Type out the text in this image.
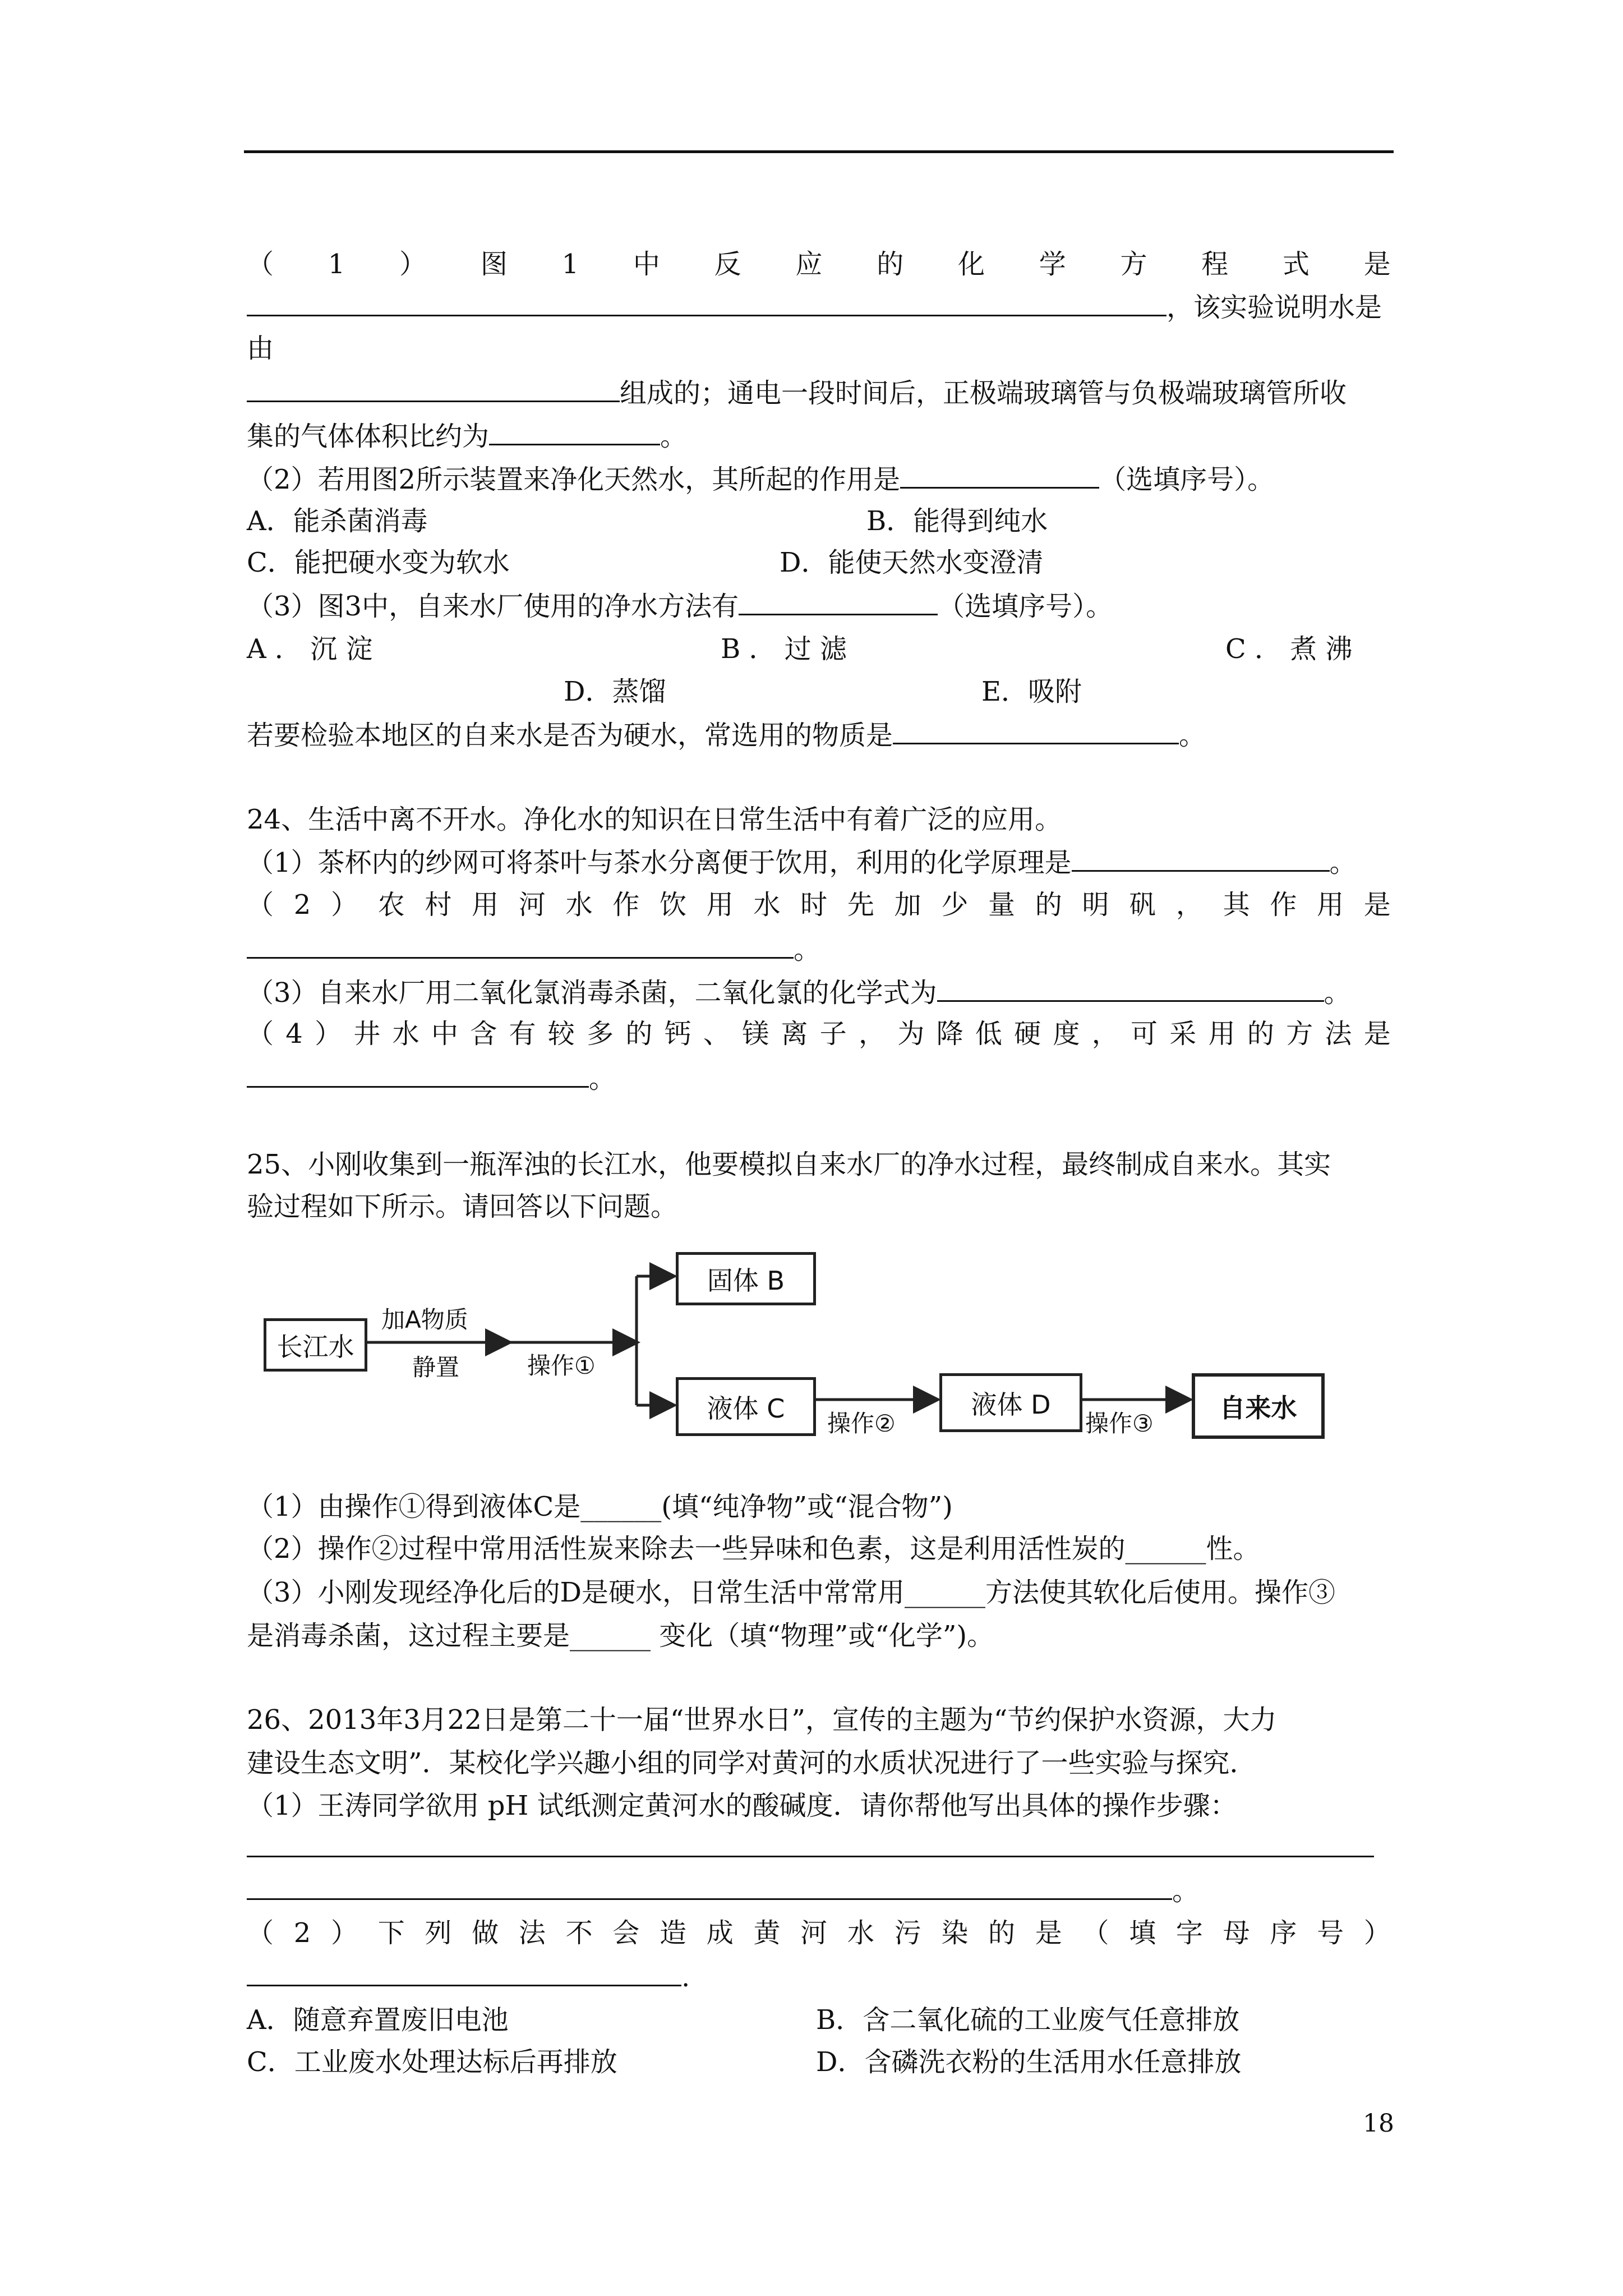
（ 1 ） 图 1 中 反 应 的 化 学 方 程 式 是
，该实验说明水是
由
组成的；通电一段时间后，正极端玻璃管与负极端玻璃管所收
集的气体体积比约为	。
（2）若用图2所示装置来净化天然水，其所起的作用是	（选填序号）。
A．能杀菌消毒	B．能得到纯水
C．能把硬水变为软水	D．能使天然水变澄清
（3）图3中，自来水厂使用的净水方法有	（选填序号）。
A ． 沉 淀	B ． 过 滤	C ． 煮 沸
D．蒸馏	E．吸附
若要检验本地区的自来水是否为硬水，常选用的物质是	。
24、生活中离不开水。净化水的知识在日常生活中有着广泛的应用。
（1）茶杯内的纱网可将茶叶与茶水分离便于饮用，利用的化学原理是	。
（ 2 ） 农 村 用 河 水 作 饮 用 水 时 先 加 少 量 的 明 矾 ， 其 作 用 是
。
（3）自来水厂用二氧化氯消毒杀菌，二氧化氯的化学式为	。
（ 4 ） 井 水 中 含 有 较 多 的 钙 、 镁 离 子 ， 为 降 低 硬 度 ， 可 采 用 的 方 法 是
。
25、小刚收集到一瓶浑浊的长江水，他要模拟自来水厂的净水过程，最终制成自来水。其实
验过程如下所示。请回答以下问题。
长江水
加A物质
静置	操作①
固体 B
液体 C	操作②
液体 D
操作③
自来水
（1）由操作①得到液体C是______(填“纯净物”或“混合物”)
（2）操作②过程中常用活性炭来除去一些异味和色素，这是利用活性炭的______性。
（3）小刚发现经净化后的D是硬水，日常生活中常常用______方法使其软化后使用。操作③
是消毒杀菌，这过程主要是______ 变化（填“物理”或“化学”)。
26、2013年3月22日是第二十一届“世界水日”，宣传的主题为“节约保护水资源，大力
建设生态文明”．某校化学兴趣小组的同学对黄河的水质状况进行了一些实验与探究．
（1）王涛同学欲用 pH 试纸测定黄河水的酸碱度．请你帮他写出具体的操作步骤：
。
（ 2 ） 下 列 做 法 不 会 造 成 黄 河 水 污 染 的 是 （ 填 字 母 序 号 ）
.
A．随意弃置废旧电池	B．含二氧化硫的工业废气任意排放
C．工业废水处理达标后再排放	D．含磷洗衣粉的生活用水任意排放
18
